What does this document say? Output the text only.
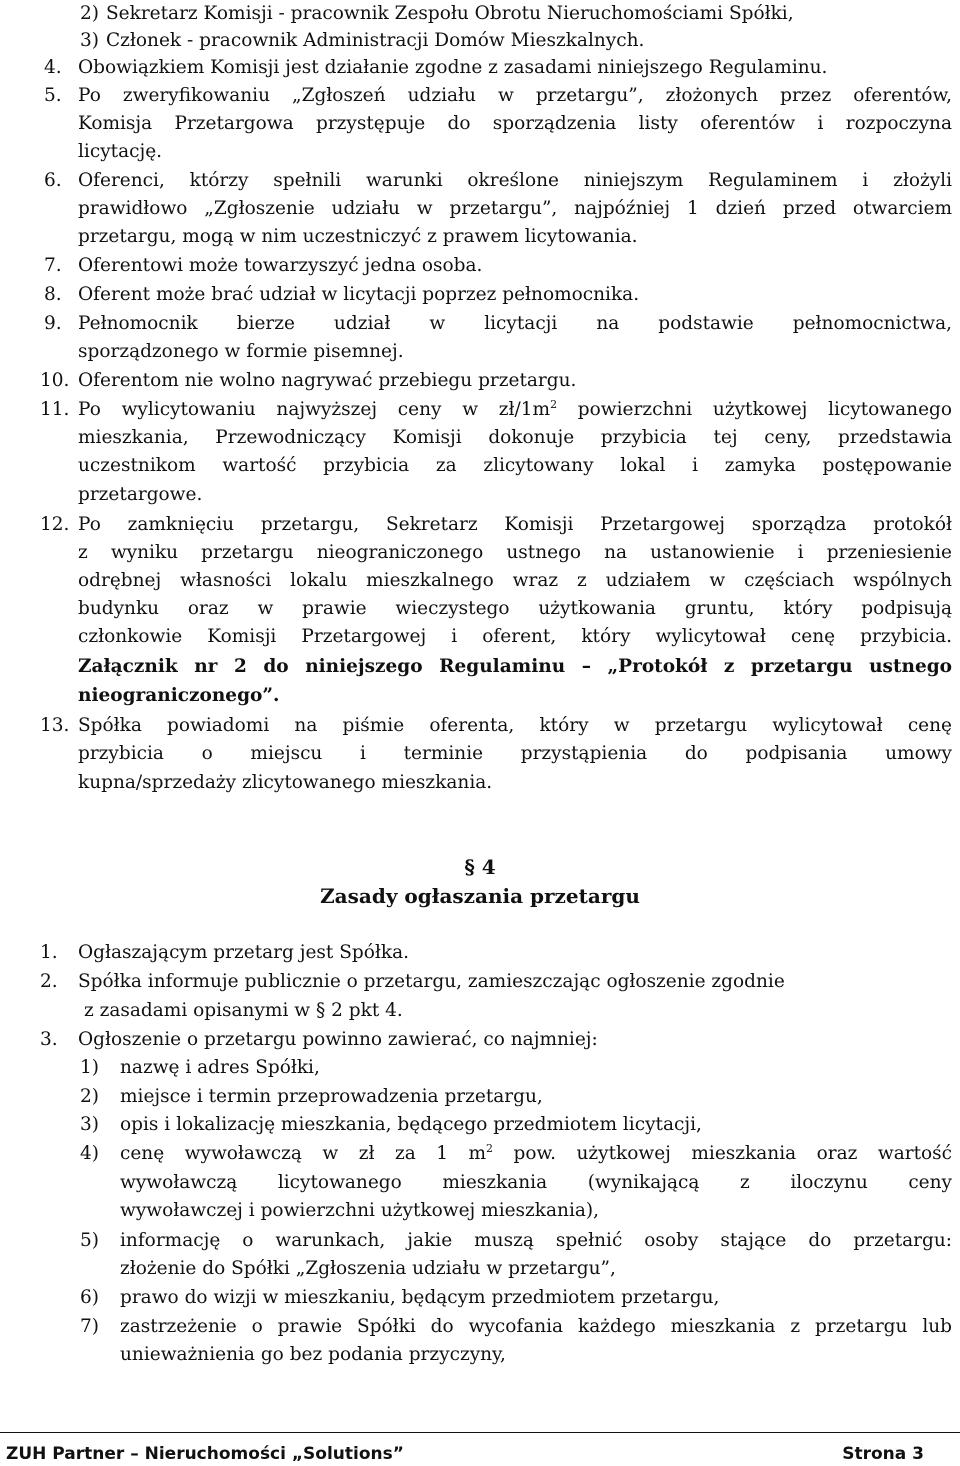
2) Sekretarz Komisji - pracownik Zespołu Obrotu Nieruchomościami Spółki,
3) Członek - pracownik Administracji Domów Mieszkalnych.
4. Obowiązkiem Komisji jest działanie zgodne z zasadami niniejszego Regulaminu.
5. Po zweryfikowaniu „Zgłoszeń udziału w przetargu”, złożonych przez oferentów,
Komisja Przetargowa przystępuje do sporządzenia listy oferentów i rozpoczyna
licytację.
6. Oferenci, którzy spełnili warunki określone niniejszym Regulaminem i złożyli
prawidłowo „Zgłoszenie udziału w przetargu”, najpóźniej 1 dzień przed otwarciem
przetargu, mogą w nim uczestniczyć z prawem licytowania.
7. Oferentowi może towarzyszyć jedna osoba.
8. Oferent może brać udział w licytacji poprzez pełnomocnika.
9. Pełnomocnik bierze udział w licytacji na podstawie pełnomocnictwa,
sporządzonego w formie pisemnej.
10. Oferentom nie wolno nagrywać przebiegu przetargu.
11. Po wylicytowaniu najwyższej ceny w $zł/1m^2$ powierzchni użytkowej licytowanego
mieszkania, Przewodniczący Komisji dokonuje przybicia tej ceny, przedstawia
uczestnikom wartość przybicia za zlicytowany lokal i zamyka postępowanie
przetargowe.
12. Po zamknięciu przetargu, Sekretarz Komisji Przetargowej sporządza protokół
z wyniku przetargu nieograniczonego ustnego na ustanowienie i przeniesienie
odrębnej własności lokalu mieszkalnego wraz z udziałem w częściach wspólnych
budynku oraz w prawie wieczystego użytkowania gruntu, który podpisują
członkowie Komisji Przetargowej i oferent, który wylicytował cenę przybicia.
Załącznik nr 2 do niniejszego Regulaminu – „Protokół z przetargu ustnego
nieograniczonego”.
13. Spółka powiadomi na piśmie oferenta, który w przetargu wylicytował cenę
przybicia o miejscu i terminie przystąpienia do podpisania umowy
kupna/sprzedaży zlicytowanego mieszkania.
§ 4
Zasady ogłaszania przetargu
1. Ogłaszającym przetarg jest Spółka.
2. Spółka informuje publicznie o przetargu, zamieszczając ogłoszenie zgodnie
z zasadami opisanymi w § 2 pkt 4.
3. Ogłoszenie o przetargu powinno zawierać, co najmniej:
1) nazwę i adres Spółki,
2) miejsce i termin przeprowadzenia przetargu,
3) opis i lokalizację mieszkania, będącego przedmiotem licytacji,
4) cenę wywoławczą w zł za 1 $m^2$ pow. użytkowej mieszkania oraz wartość
wywoławczą licytowanego mieszkania (wynikającą z iloczynu ceny
wywoławczej i powierzchni użytkowej mieszkania),
5) informację o warunkach, jakie muszą spełnić osoby stające do przetargu:
złożenie do Spółki „Zgłoszenia udziału w przetargu”,
6) prawo do wizji w mieszkaniu, będącym przedmiotem przetargu,
7) zastrzeżenie o prawie Spółki do wycofania każdego mieszkania z przetargu lub
unieważnienia go bez podania przyczyny,
ZUH Partner – Nieruchomości „Solutions”	Strona 3
